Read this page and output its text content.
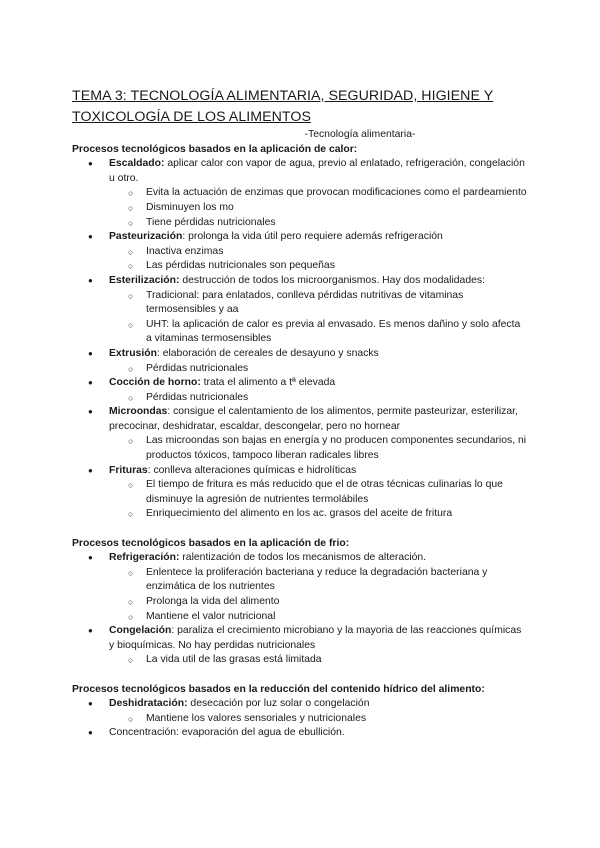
TEMA 3: TECNOLOGÍA ALIMENTARIA, SEGURIDAD, HIGIENE Y TOXICOLOGÍA DE LOS ALIMENTOS

-Tecnología alimentaria-

Procesos tecnológicos basados en la aplicación de calor:

● Escaldado: aplicar calor con vapor de agua, previo al enlatado, refrigeración, congelación u otro.
○ Evita la actuación de enzimas que provocan modificaciones como el pardeamiento
○ Disminuyen los mo
○ Tiene pérdidas nutricionales
● Pasteurización: prolonga la vida útil pero requiere además refrigeración
○ Inactiva enzimas
○ Las pérdidas nutricionales son pequeñas
● Esterilización: destrucción de todos los microorganismos. Hay dos modalidades:
○ Tradicional: para enlatados, conlleva pérdidas nutritivas de vitaminas termosensibles y aa
○ UHT: la aplicación de calor es previa al envasado. Es menos dañino y solo afecta a vitaminas termosensibles
● Extrusión: elaboración de cereales de desayuno y snacks
○ Pérdidas nutricionales
● Cocción de horno: trata el alimento a tª elevada
○ Pérdidas nutricionales
● Microondas: consigue el calentamiento de los alimentos, permite pasteurizar, esterilizar, precocinar, deshidratar, escaldar, descongelar, pero no hornear
○ Las microondas son bajas en energía y no producen componentes secundarios, ni productos tóxicos, tampoco liberan radicales libres
● Frituras: conlleva alteraciones químicas e hidrolíticas
○ El tiempo de fritura es más reducido que el de otras técnicas culinarias lo que disminuye la agresión de nutrientes termolábiles
○ Enriquecimiento del alimento en los ac. grasos del aceite de fritura

Procesos tecnológicos basados en la aplicación de frio:

● Refrigeración: ralentización de todos los mecanismos de alteración.
○ Enlentece la proliferación bacteriana y reduce la degradación bacteriana y enzimática de los nutrientes
○ Prolonga la vida del alimento
○ Mantiene el valor nutricional
● Congelación: paraliza el crecimiento microbiano y la mayoria de las reacciones químicas y bioquímicas. No hay perdidas nutricionales
○ La vida util de las grasas está limitada

Procesos tecnológicos basados en la reducción del contenido hídrico del alimento:

● Deshidratación: desecación por luz solar o congelación
○ Mantiene los valores sensoriales y nutricionales
● Concentración: evaporación del agua de ebullición.
